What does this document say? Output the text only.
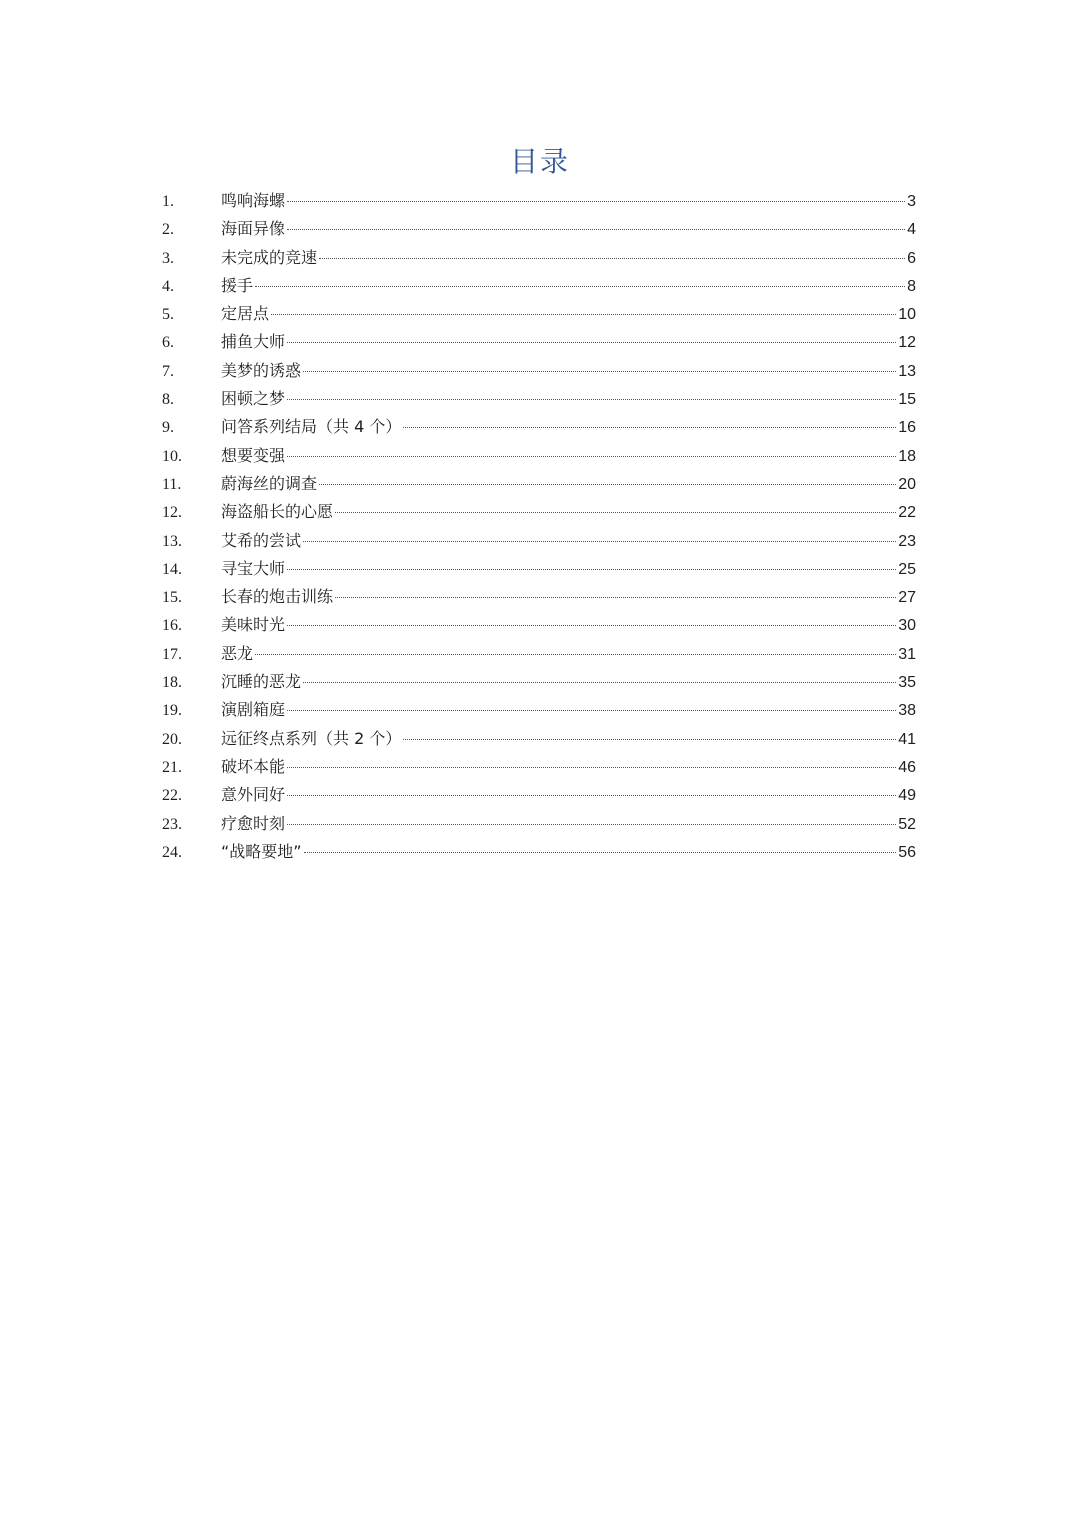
目录
1.	鸣响海螺	3
2.	海面异像	4
3.	未完成的竞速	6
4.	援手	8
5.	定居点	10
6.	捕鱼大师	12
7.	美梦的诱惑	13
8.	困顿之梦	15
9.	问答系列结局（共 4 个）	16
10.	想要变强	18
11.	蔚海丝的调查	20
12.	海盗船长的心愿	22
13.	艾希的尝试	23
14.	寻宝大师	25
15.	长春的炮击训练	27
16.	美味时光	30
17.	恶龙	31
18.	沉睡的恶龙	35
19.	演剧箱庭	38
20.	远征终点系列（共 2 个）	41
21.	破坏本能	46
22.	意外同好	49
23.	疗愈时刻	52
24.	“战略要地”	56
